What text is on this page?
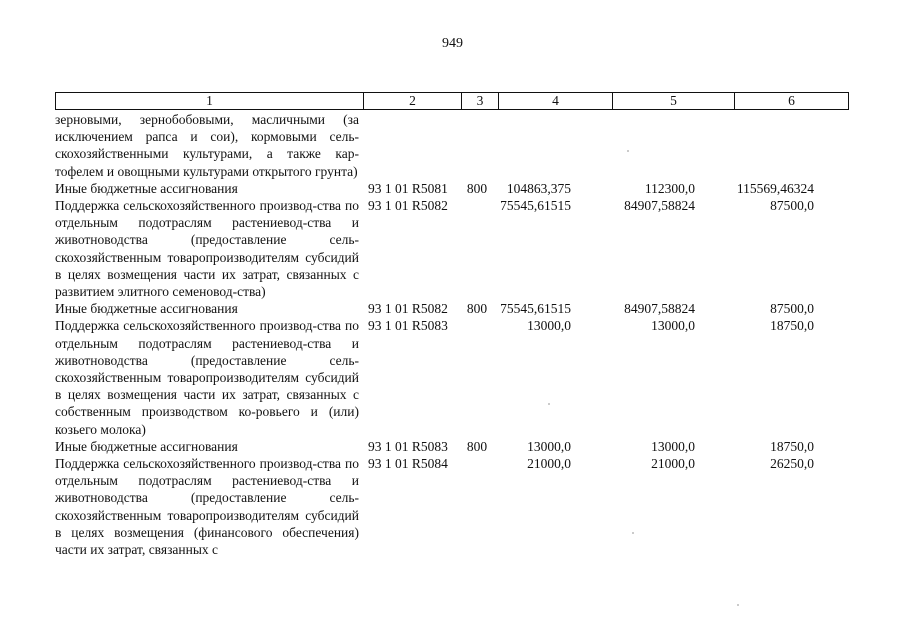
949
1	2	3	4	5	6
зерновыми, зернобобовыми, масличными (за исключением рапса и сои), кормовыми сель-скохозяйственными культурами, а также кар-тофелем и овощными культурами открытого грунта)					
Иные бюджетные ассигнования	93 1 01 R5081	800	104863,375	112300,0	115569,46324
Поддержка сельскохозяйственного производ-ства по отдельным подотраслям растениевод-ства и животноводства (предоставление сель-скохозяйственным товаропроизводителям субсидий в целях возмещения части их затрат, связанных с развитием элитного семеновод-ства)	93 1 01 R5082		75545,61515	84907,58824	87500,0
Иные бюджетные ассигнования	93 1 01 R5082	800	75545,61515	84907,58824	87500,0
Поддержка сельскохозяйственного производ-ства по отдельным подотраслям растениевод-ства и животноводства (предоставление сель-скохозяйственным товаропроизводителям субсидий в целях возмещения части их затрат, связанных с собственным производством ко-ровьего и (или) козьего молока)	93 1 01 R5083		13000,0	13000,0	18750,0
Иные бюджетные ассигнования	93 1 01 R5083	800	13000,0	13000,0	18750,0
Поддержка сельскохозяйственного производ-ства по отдельным подотраслям растениевод-ства и животноводства (предоставление сель-скохозяйственным товаропроизводителям субсидий в целях возмещения (финансового обеспечения) части их затрат, связанных с	93 1 01 R5084		21000,0	21000,0	26250,0
